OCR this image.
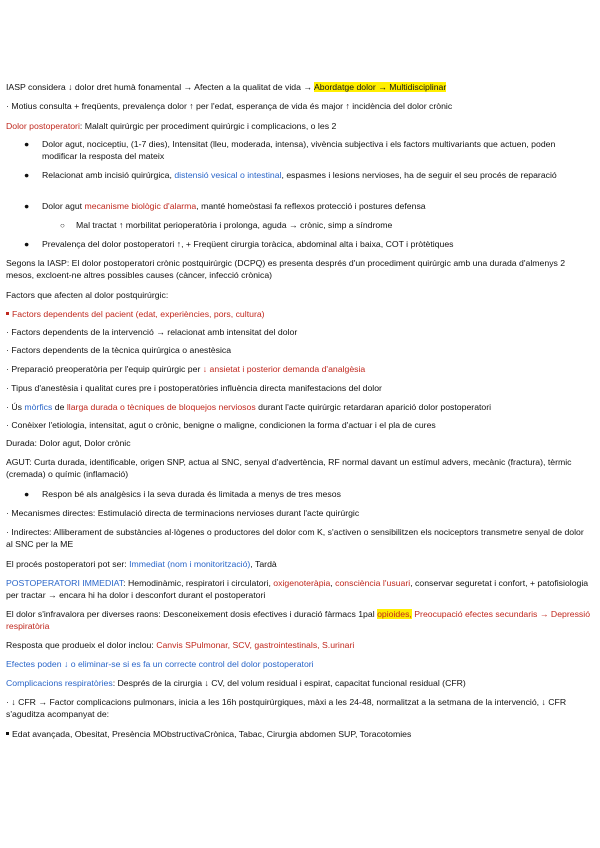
IASP considera ↓ dolor dret humà fonamental → Afecten a la qualitat de vida → Abordatge dolor → Multidisciplinar
· Motius consulta + freqüents, prevalença dolor ↑ per l'edat, esperança de vida és major ↑ incidència del dolor crònic
Dolor postoperatori: Malalt quirúrgic per procediment quirúrgic i complicacions, o les 2
● Dolor agut, nociceptiu, (1-7 dies), Intensitat (lleu, moderada, intensa), vivència subjectiva i els factors multivariants que actuen, poden modificar la resposta del mateix
● Relacionat amb incisió quirúrgica, distensió vesical o intestinal, espasmes i lesions nervioses, ha de seguir el seu procés de reparació
● Dolor agut mecanisme biològic d'alarma, manté homeòstasi fa reflexos protecció i postures defensa
○ Mal tractat ↑ morbilitat perioperatòria i prolonga, aguda → crònic, simp a síndrome
● Prevalença del dolor postoperatori ↑, + Freqüent cirurgia toràcica, abdominal alta i baixa, COT i pròtètiques
Segons la IASP: El dolor postoperatori crònic postquirúrgic (DCPQ) es presenta després d'un procediment quirúrgic amb una durada d'almenys 2 mesos, excloent-ne altres possibles causes (càncer, infecció crònica)
Factors que afecten al dolor postquirúrgic:
Factors dependents del pacient (edat, experiències, pors, cultura)
· Factors dependents de la intervenció → relacionat amb intensitat del dolor
· Factors dependents de la tècnica quirúrgica o anestèsica
· Preparació preoperatòria per l'equip quirúrgic per ↓ ansietat i posterior demanda d'analgèsia
· Tipus d'anestèsia i qualitat cures pre i postoperatòries influència directa manifestacions del dolor
· Ús mòrfics de llarga durada o tècniques de bloquejos nerviosos durant l'acte quirúrgic retardaran aparició dolor postoperatori
· Conèixer l'etiologia, intensitat, agut o crònic, benigne o maligne, condicionen la forma d'actuar i el pla de cures
Durada: Dolor agut, Dolor crònic
AGUT: Curta durada, identificable, origen SNP, actua al SNC, senyal d'advertència, RF normal davant un estímul advers, mecànic (fractura), tèrmic (cremada) o químic (inflamació)
● Respon bé als analgèsics i la seva durada és limitada a menys de tres mesos
· Mecanismes directes: Estimulació directa de terminacions nervioses durant l'acte quirúrgic
· Indirectes: Alliberament de substàncies al·lògenes o productores del dolor com K, s'activen o sensibilitzen els nociceptors transmetre senyal de dolor al SNC per la ME
El procés postoperatori pot ser: Immediat (nom i monitorització), Tardà
POSTOPERATORI IMMEDIAT: Hemodinàmic, respiratori i circulatori, oxigenoteràpia, consciència l'usuari, conservar seguretat i confort, + patofisiologia per tractar → encara hi ha dolor i desconfort durant el postoperatori
El dolor s'infravalora per diverses raons: Desconeixement dosis efectives i duració fàrmacs 1pal opioides, Preocupació efectes secundaris → Depressió respiratòria
Resposta que produeix el dolor inclou: Canvis SPulmonar, SCV, gastrointestinals, S.urinari
Efectes poden ↓ o eliminar-se si es fa un correcte control del dolor postoperatori
Complicacions respiratòries: Després de la cirurgia ↓ CV, del volum residual i espirat, capacitat funcional residual (CFR)
· ↓ CFR → Factor complicacions pulmonars, inicia a les 16h postquirúrgiques, màxi a les 24-48, normalitzat a la setmana de la intervenció, ↓ CFR s'aguditza acompanyat de:
Edat avançada, Obesitat, Presència MObstructivaCrònica, Tabac, Cirurgia abdomen SUP, Toracotomies
